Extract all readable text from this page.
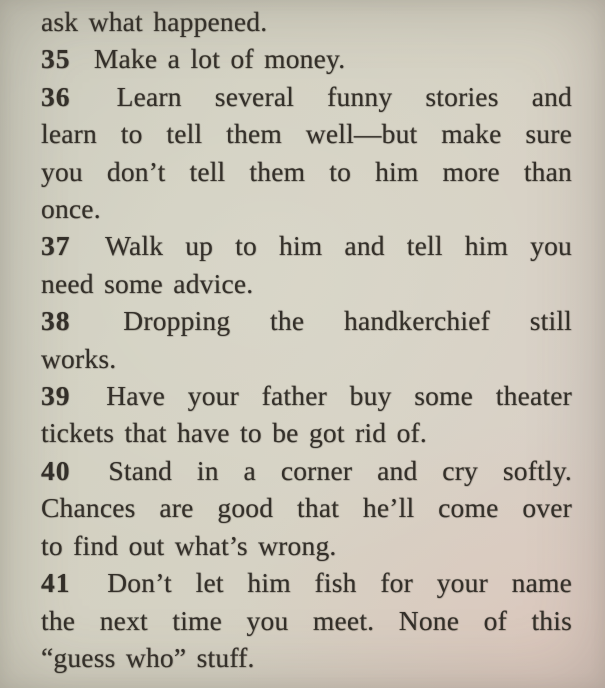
ask what happened.
35 Make a lot of money.
36 Learn several funny stories and
learn to tell them well—but make sure
you don’t tell them to him more than
once.
37 Walk up to him and tell him you
need some advice.
38 Dropping the handkerchief still
works.
39 Have your father buy some theater
tickets that have to be got rid of.
40 Stand in a corner and cry softly.
Chances are good that he’ll come over
to find out what’s wrong.
41 Don’t let him fish for your name
the next time you meet. None of this
“guess who” stuff.
